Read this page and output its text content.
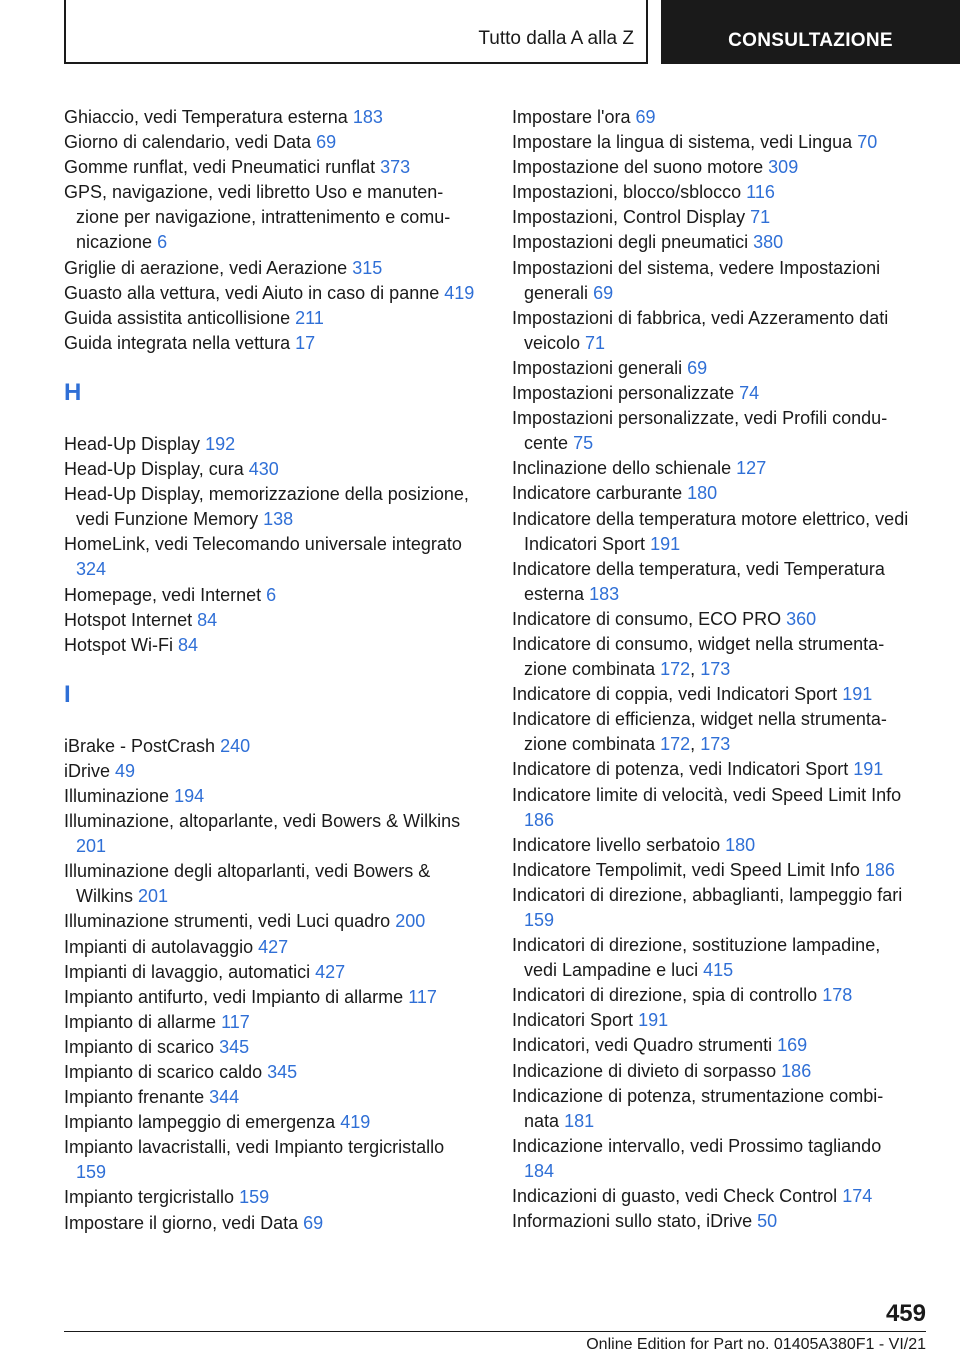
Tutto dalla A alla Z	CONSULTAZIONE

Ghiaccio, vedi Temperatura esterna 183

Giorno di calendario, vedi Data 69

Gomme runflat, vedi Pneumatici runflat 373

GPS, navigazione, vedi libretto Uso e manutenzione per navigazione, intrattenimento e comunicazione 6

Griglie di aerazione, vedi Aerazione 315

Guasto alla vettura, vedi Aiuto in caso di panne 419

Guida assistita anticollisione 211

Guida integrata nella vettura 17

H

Head-Up Display 192

Head-Up Display, cura 430

Head-Up Display, memorizzazione della posizione, vedi Funzione Memory 138

HomeLink, vedi Telecomando universale integrato 324

Homepage, vedi Internet 6

Hotspot Internet 84

Hotspot Wi-Fi 84

I

iBrake - PostCrash 240

iDrive 49

Illuminazione 194

Illuminazione, altoparlante, vedi Bowers & Wilkins 201

Illuminazione degli altoparlanti, vedi Bowers & Wilkins 201

Illuminazione strumenti, vedi Luci quadro 200

Impianti di autolavaggio 427

Impianti di lavaggio, automatici 427

Impianto antifurto, vedi Impianto di allarme 117

Impianto di allarme 117

Impianto di scarico 345

Impianto di scarico caldo 345

Impianto frenante 344

Impianto lampeggio di emergenza 419

Impianto lavacristalli, vedi Impianto tergicristallo 159

Impianto tergicristallo 159

Impostare il giorno, vedi Data 69

Impostare l'ora 69

Impostare la lingua di sistema, vedi Lingua 70

Impostazione del suono motore 309

Impostazioni, blocco/sblocco 116

Impostazioni, Control Display 71

Impostazioni degli pneumatici 380

Impostazioni del sistema, vedere Impostazioni generali 69

Impostazioni di fabbrica, vedi Azzeramento dati veicolo 71

Impostazioni generali 69

Impostazioni personalizzate 74

Impostazioni personalizzate, vedi Profili conducente 75

Inclinazione dello schienale 127

Indicatore carburante 180

Indicatore della temperatura motore elettrico, vedi Indicatori Sport 191

Indicatore della temperatura, vedi Temperatura esterna 183

Indicatore di consumo, ECO PRO 360

Indicatore di consumo, widget nella strumentazione combinata 172, 173

Indicatore di coppia, vedi Indicatori Sport 191

Indicatore di efficienza, widget nella strumentazione combinata 172, 173

Indicatore di potenza, vedi Indicatori Sport 191

Indicatore limite di velocità, vedi Speed Limit Info 186

Indicatore livello serbatoio 180

Indicatore Tempolimit, vedi Speed Limit Info 186

Indicatori di direzione, abbaglianti, lampeggio fari 159

Indicatori di direzione, sostituzione lampadine, vedi Lampadine e luci 415

Indicatori di direzione, spia di controllo 178

Indicatori Sport 191

Indicatori, vedi Quadro strumenti 169

Indicazione di divieto di sorpasso 186

Indicazione di potenza, strumentazione combinata 181

Indicazione intervallo, vedi Prossimo tagliando 184

Indicazioni di guasto, vedi Check Control 174

Informazioni sullo stato, iDrive 50

459
Online Edition for Part no. 01405A380F1 - VI/21
